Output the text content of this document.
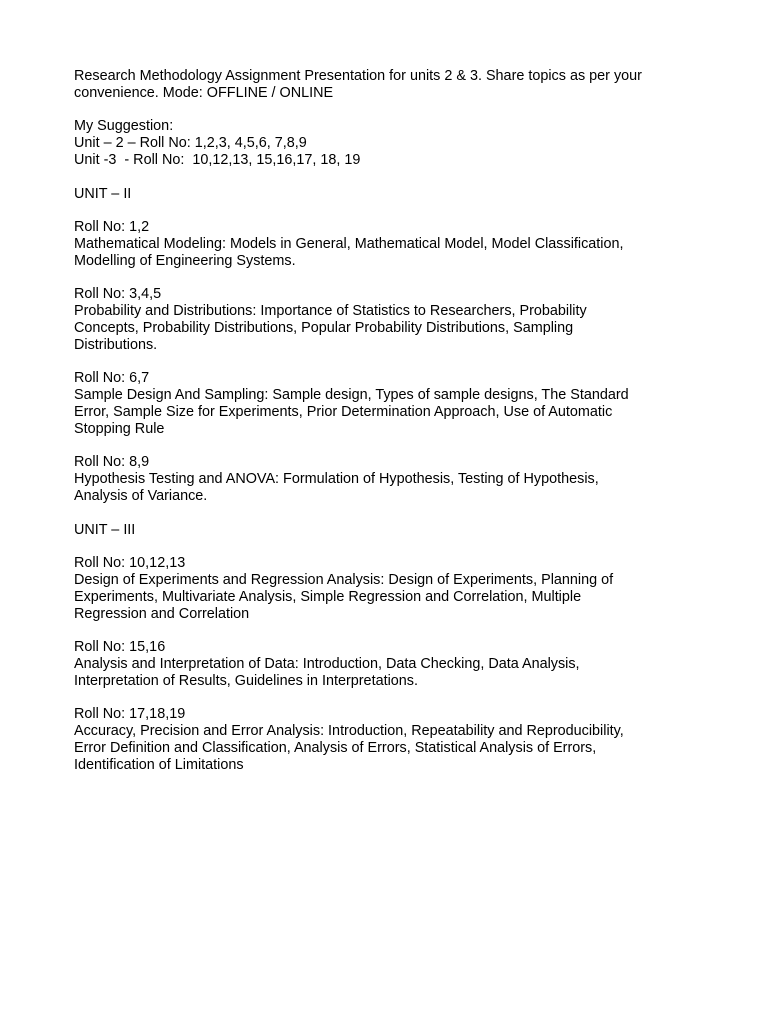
Research Methodology Assignment Presentation for units 2 & 3. Share topics as per your
convenience. Mode: OFFLINE / ONLINE

My Suggestion:
Unit – 2 – Roll No: 1,2,3, 4,5,6, 7,8,9
Unit -3  - Roll No:  10,12,13, 15,16,17, 18, 19

UNIT – II

Roll No: 1,2
Mathematical Modeling: Models in General, Mathematical Model, Model Classification,
Modelling of Engineering Systems.

Roll No: 3,4,5
Probability and Distributions: Importance of Statistics to Researchers, Probability
Concepts, Probability Distributions, Popular Probability Distributions, Sampling
Distributions.

Roll No: 6,7
Sample Design And Sampling: Sample design, Types of sample designs, The Standard
Error, Sample Size for Experiments, Prior Determination Approach, Use of Automatic
Stopping Rule

Roll No: 8,9
Hypothesis Testing and ANOVA: Formulation of Hypothesis, Testing of Hypothesis,
Analysis of Variance.

UNIT – III

Roll No: 10,12,13
Design of Experiments and Regression Analysis: Design of Experiments, Planning of
Experiments, Multivariate Analysis, Simple Regression and Correlation, Multiple
Regression and Correlation

Roll No: 15,16
Analysis and Interpretation of Data: Introduction, Data Checking, Data Analysis,
Interpretation of Results, Guidelines in Interpretations.

Roll No: 17,18,19
Accuracy, Precision and Error Analysis: Introduction, Repeatability and Reproducibility,
Error Definition and Classification, Analysis of Errors, Statistical Analysis of Errors,
Identification of Limitations
